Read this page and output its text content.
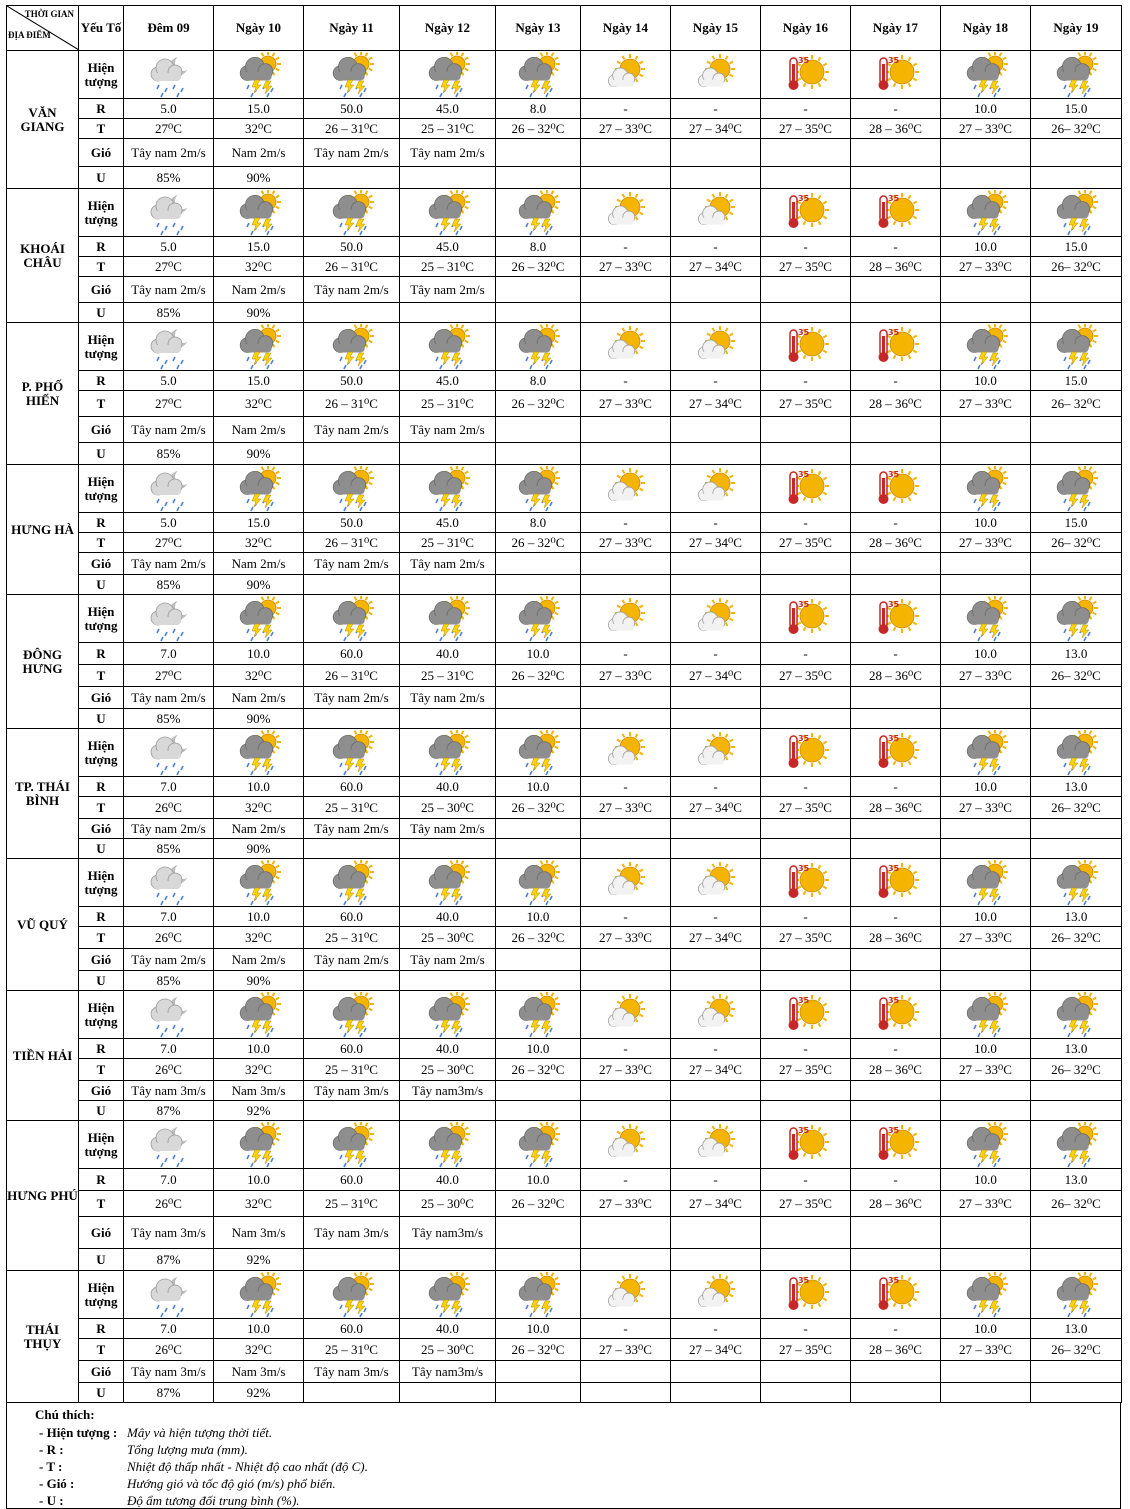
THỜI GIAN
ĐỊA ĐIỂM	Yếu Tố	Đêm 09	Ngày 10	Ngày 11	Ngày 12	Ngày 13	Ngày 14	Ngày 15	Ngày 16	Ngày 17	Ngày 18	Ngày 19
VĂN GIANG	Hiện tượng								35	35

	R	5.0	15.0	50.0	45.0	8.0	-	-	-	-	10.0	15.0
	T	27⁰C	32⁰C	26 – 31⁰C	25 – 31⁰C	26 – 32⁰C	27 – 33⁰C	27 – 34⁰C	27 – 35⁰C	28 – 36⁰C	27 – 33⁰C	26– 32⁰C
	Gió	Tây nam 2m/s	Nam 2m/s	Tây nam 2m/s	Tây nam 2m/s							
	U	85%	90%									
KHOÁI CHÂU	Hiện tượng								35	35

	R	5.0	15.0	50.0	45.0	8.0	-	-	-	-	10.0	15.0
	T	27⁰C	32⁰C	26 – 31⁰C	25 – 31⁰C	26 – 32⁰C	27 – 33⁰C	27 – 34⁰C	27 – 35⁰C	28 – 36⁰C	27 – 33⁰C	26– 32⁰C
	Gió	Tây nam 2m/s	Nam 2m/s	Tây nam 2m/s	Tây nam 2m/s							
	U	85%	90%									
P. PHỐ HIẾN	Hiện tượng								35	35

	R	5.0	15.0	50.0	45.0	8.0	-	-	-	-	10.0	15.0
	T	27⁰C	32⁰C	26 – 31⁰C	25 – 31⁰C	26 – 32⁰C	27 – 33⁰C	27 – 34⁰C	27 – 35⁰C	28 – 36⁰C	27 – 33⁰C	26– 32⁰C
	Gió	Tây nam 2m/s	Nam 2m/s	Tây nam 2m/s	Tây nam 2m/s							
	U	85%	90%									
HƯNG HÀ	Hiện tượng								35	35

	R	5.0	15.0	50.0	45.0	8.0	-	-	-	-	10.0	15.0
	T	27⁰C	32⁰C	26 – 31⁰C	25 – 31⁰C	26 – 32⁰C	27 – 33⁰C	27 – 34⁰C	27 – 35⁰C	28 – 36⁰C	27 – 33⁰C	26– 32⁰C
	Gió	Tây nam 2m/s	Nam 2m/s	Tây nam 2m/s	Tây nam 2m/s							
	U	85%	90%									
ĐÔNG HƯNG	Hiện tượng								35	35

	R	7.0	10.0	60.0	40.0	10.0	-	-	-	-	10.0	13.0
	T	27⁰C	32⁰C	26 – 31⁰C	25 – 31⁰C	26 – 32⁰C	27 – 33⁰C	27 – 34⁰C	27 – 35⁰C	28 – 36⁰C	27 – 33⁰C	26– 32⁰C
	Gió	Tây nam 2m/s	Nam 2m/s	Tây nam 2m/s	Tây nam 2m/s							
	U	85%	90%									
TP. THÁI BÌNH	Hiện tượng								35	35

	R	7.0	10.0	60.0	40.0	10.0	-	-	-	-	10.0	13.0
	T	26⁰C	32⁰C	25 – 31⁰C	25 – 30⁰C	26 – 32⁰C	27 – 33⁰C	27 – 34⁰C	27 – 35⁰C	28 – 36⁰C	27 – 33⁰C	26– 32⁰C
	Gió	Tây nam 2m/s	Nam 2m/s	Tây nam 2m/s	Tây nam 2m/s							
	U	85%	90%									
VŨ QUÝ	Hiện tượng								35	35

	R	7.0	10.0	60.0	40.0	10.0	-	-	-	-	10.0	13.0
	T	26⁰C	32⁰C	25 – 31⁰C	25 – 30⁰C	26 – 32⁰C	27 – 33⁰C	27 – 34⁰C	27 – 35⁰C	28 – 36⁰C	27 – 33⁰C	26– 32⁰C
	Gió	Tây nam 2m/s	Nam 2m/s	Tây nam 2m/s	Tây nam 2m/s							
	U	85%	90%									
TIỀN HẢI	Hiện tượng								35	35

	R	7.0	10.0	60.0	40.0	10.0	-	-	-	-	10.0	13.0
	T	26⁰C	32⁰C	25 – 31⁰C	25 – 30⁰C	26 – 32⁰C	27 – 33⁰C	27 – 34⁰C	27 – 35⁰C	28 – 36⁰C	27 – 33⁰C	26– 32⁰C
	Gió	Tây nam 3m/s	Nam 3m/s	Tây nam 3m/s	Tây nam3m/s							
	U	87%	92%									
HƯNG PHÚ	Hiện tượng								35	35

	R	7.0	10.0	60.0	40.0	10.0	-	-	-	-	10.0	13.0
	T	26⁰C	32⁰C	25 – 31⁰C	25 – 30⁰C	26 – 32⁰C	27 – 33⁰C	27 – 34⁰C	27 – 35⁰C	28 – 36⁰C	27 – 33⁰C	26– 32⁰C
	Gió	Tây nam 3m/s	Nam 3m/s	Tây nam 3m/s	Tây nam3m/s							
	U	87%	92%									
THÁI THỤY	Hiện tượng								35	35

	R	7.0	10.0	60.0	40.0	10.0	-	-	-	-	10.0	13.0
	T	26⁰C	32⁰C	25 – 31⁰C	25 – 30⁰C	26 – 32⁰C	27 – 33⁰C	27 – 34⁰C	27 – 35⁰C	28 – 36⁰C	27 – 33⁰C	26– 32⁰C
	Gió	Tây nam 3m/s	Nam 3m/s	Tây nam 3m/s	Tây nam3m/s							
	U	87%	92%									
Chú thích:
- Hiện tượng : Mây và hiện tượng thời tiết.
- R :	Tổng lượng mưa (mm).
- T :	Nhiệt độ thấp nhất - Nhiệt độ cao nhất (độ C).
- Gió :	Hướng gió và tốc độ gió (m/s) phổ biến.
- U :	Độ ẩm tương đối trung bình (%).
